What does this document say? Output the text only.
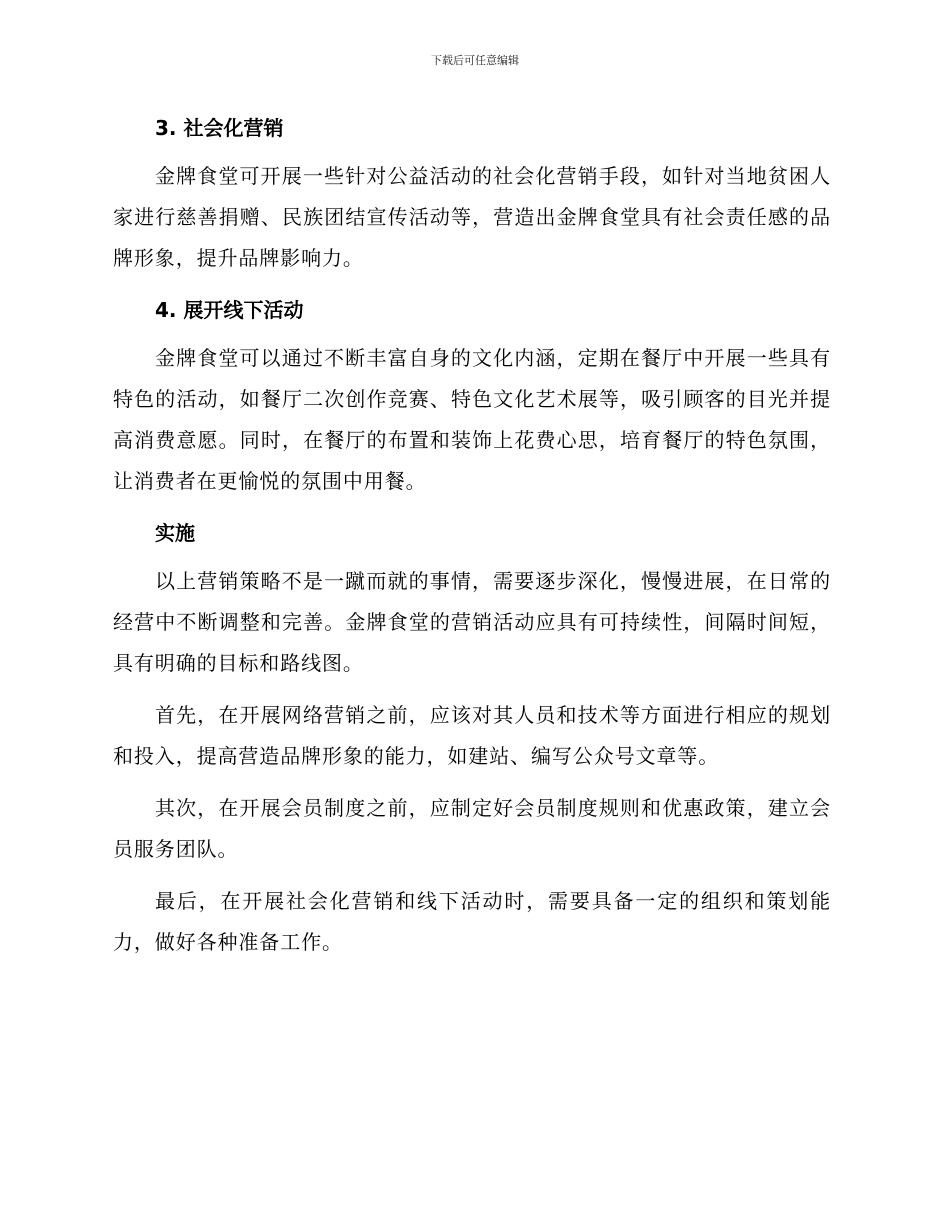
下载后可任意编辑
3. 社会化营销

金牌食堂可开展一些针对公益活动的社会化营销手段，如针对当地贫困人家进行慈善捐赠、民族团结宣传活动等，营造出金牌食堂具有社会责任感的品牌形象，提升品牌影响力。

4. 展开线下活动

金牌食堂可以通过不断丰富自身的文化内涵，定期在餐厅中开展一些具有特色的活动，如餐厅二次创作竞赛、特色文化艺术展等，吸引顾客的目光并提高消费意愿。同时，在餐厅的布置和装饰上花费心思，培育餐厅的特色氛围，让消费者在更愉悦的氛围中用餐。

实施

以上营销策略不是一蹴而就的事情，需要逐步深化，慢慢进展，在日常的经营中不断调整和完善。金牌食堂的营销活动应具有可持续性，间隔时间短，具有明确的目标和路线图。

首先，在开展网络营销之前，应该对其人员和技术等方面进行相应的规划和投入，提高营造品牌形象的能力，如建站、编写公众号文章等。

其次，在开展会员制度之前，应制定好会员制度规则和优惠政策，建立会员服务团队。

最后，在开展社会化营销和线下活动时，需要具备一定的组织和策划能力，做好各种准备工作。
